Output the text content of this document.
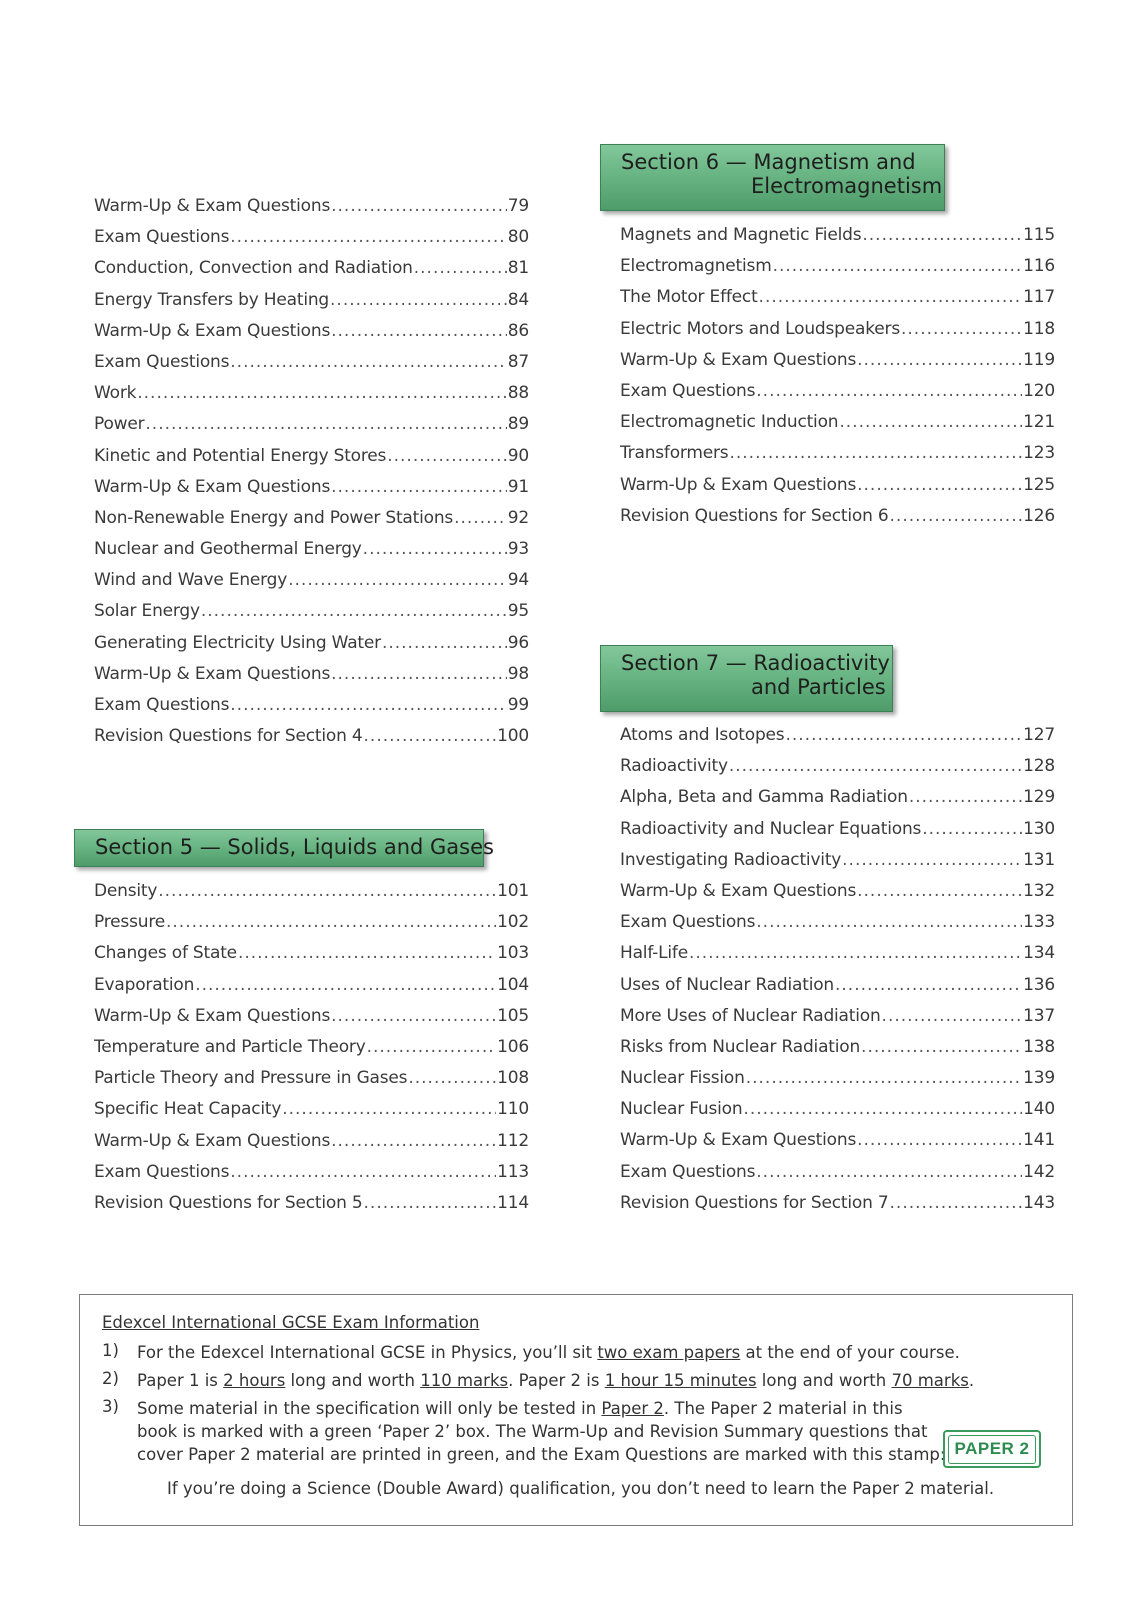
Warm-Up & Exam Questions .....	79
Exam Questions .....	80
Conduction, Convection and Radiation .....	81
Energy Transfers by Heating .....	84
Warm-Up & Exam Questions .....	86
Exam Questions .....	87
Work .....	88
Power .....	89
Kinetic and Potential Energy Stores .....	90
Warm-Up & Exam Questions .....	91
Non-Renewable Energy and Power Stations .....	92
Nuclear and Geothermal Energy .....	93
Wind and Wave Energy .....	94
Solar Energy .....	95
Generating Electricity Using Water .....	96
Warm-Up & Exam Questions .....	98
Exam Questions .....	99
Revision Questions for Section 4 .....	100
Section 5 — Solids, Liquids and Gases
Density .....	101
Pressure .....	102
Changes of State .....	103
Evaporation .....	104
Warm-Up & Exam Questions .....	105
Temperature and Particle Theory .....	106
Particle Theory and Pressure in Gases .....	108
Specific Heat Capacity .....	110
Warm-Up & Exam Questions .....	112
Exam Questions .....	113
Revision Questions for Section 5 .....	114
Section 6 — Magnetism and
Electromagnetism
Magnets and Magnetic Fields .....	115
Electromagnetism .....	116
The Motor Effect .....	117
Electric Motors and Loudspeakers .....	118
Warm-Up & Exam Questions .....	119
Exam Questions .....	120
Electromagnetic Induction .....	121
Transformers .....	123
Warm-Up & Exam Questions .....	125
Revision Questions for Section 6 .....	126
Section 7 — Radioactivity
and Particles
Atoms and Isotopes .....	127
Radioactivity .....	128
Alpha, Beta and Gamma Radiation .....	129
Radioactivity and Nuclear Equations .....	130
Investigating Radioactivity .....	131
Warm-Up & Exam Questions .....	132
Exam Questions .....	133
Half-Life .....	134
Uses of Nuclear Radiation .....	136
More Uses of Nuclear Radiation .....	137
Risks from Nuclear Radiation .....	138
Nuclear Fission .....	139
Nuclear Fusion .....	140
Warm-Up & Exam Questions .....	141
Exam Questions .....	142
Revision Questions for Section 7 .....	143
Edexcel International GCSE Exam Information
1) For the Edexcel International GCSE in Physics, you’ll sit two exam papers at the end of your course.
2) Paper 1 is 2 hours long and worth 110 marks. Paper 2 is 1 hour 15 minutes long and worth 70 marks.
3) Some material in the specification will only be tested in Paper 2. The Paper 2 material in this
book is marked with a green ‘Paper 2’ box. The Warm-Up and Revision Summary questions that
cover Paper 2 material are printed in green, and the Exam Questions are marked with this stamp: PAPER 2
If you’re doing a Science (Double Award) qualification, you don’t need to learn the Paper 2 material.
